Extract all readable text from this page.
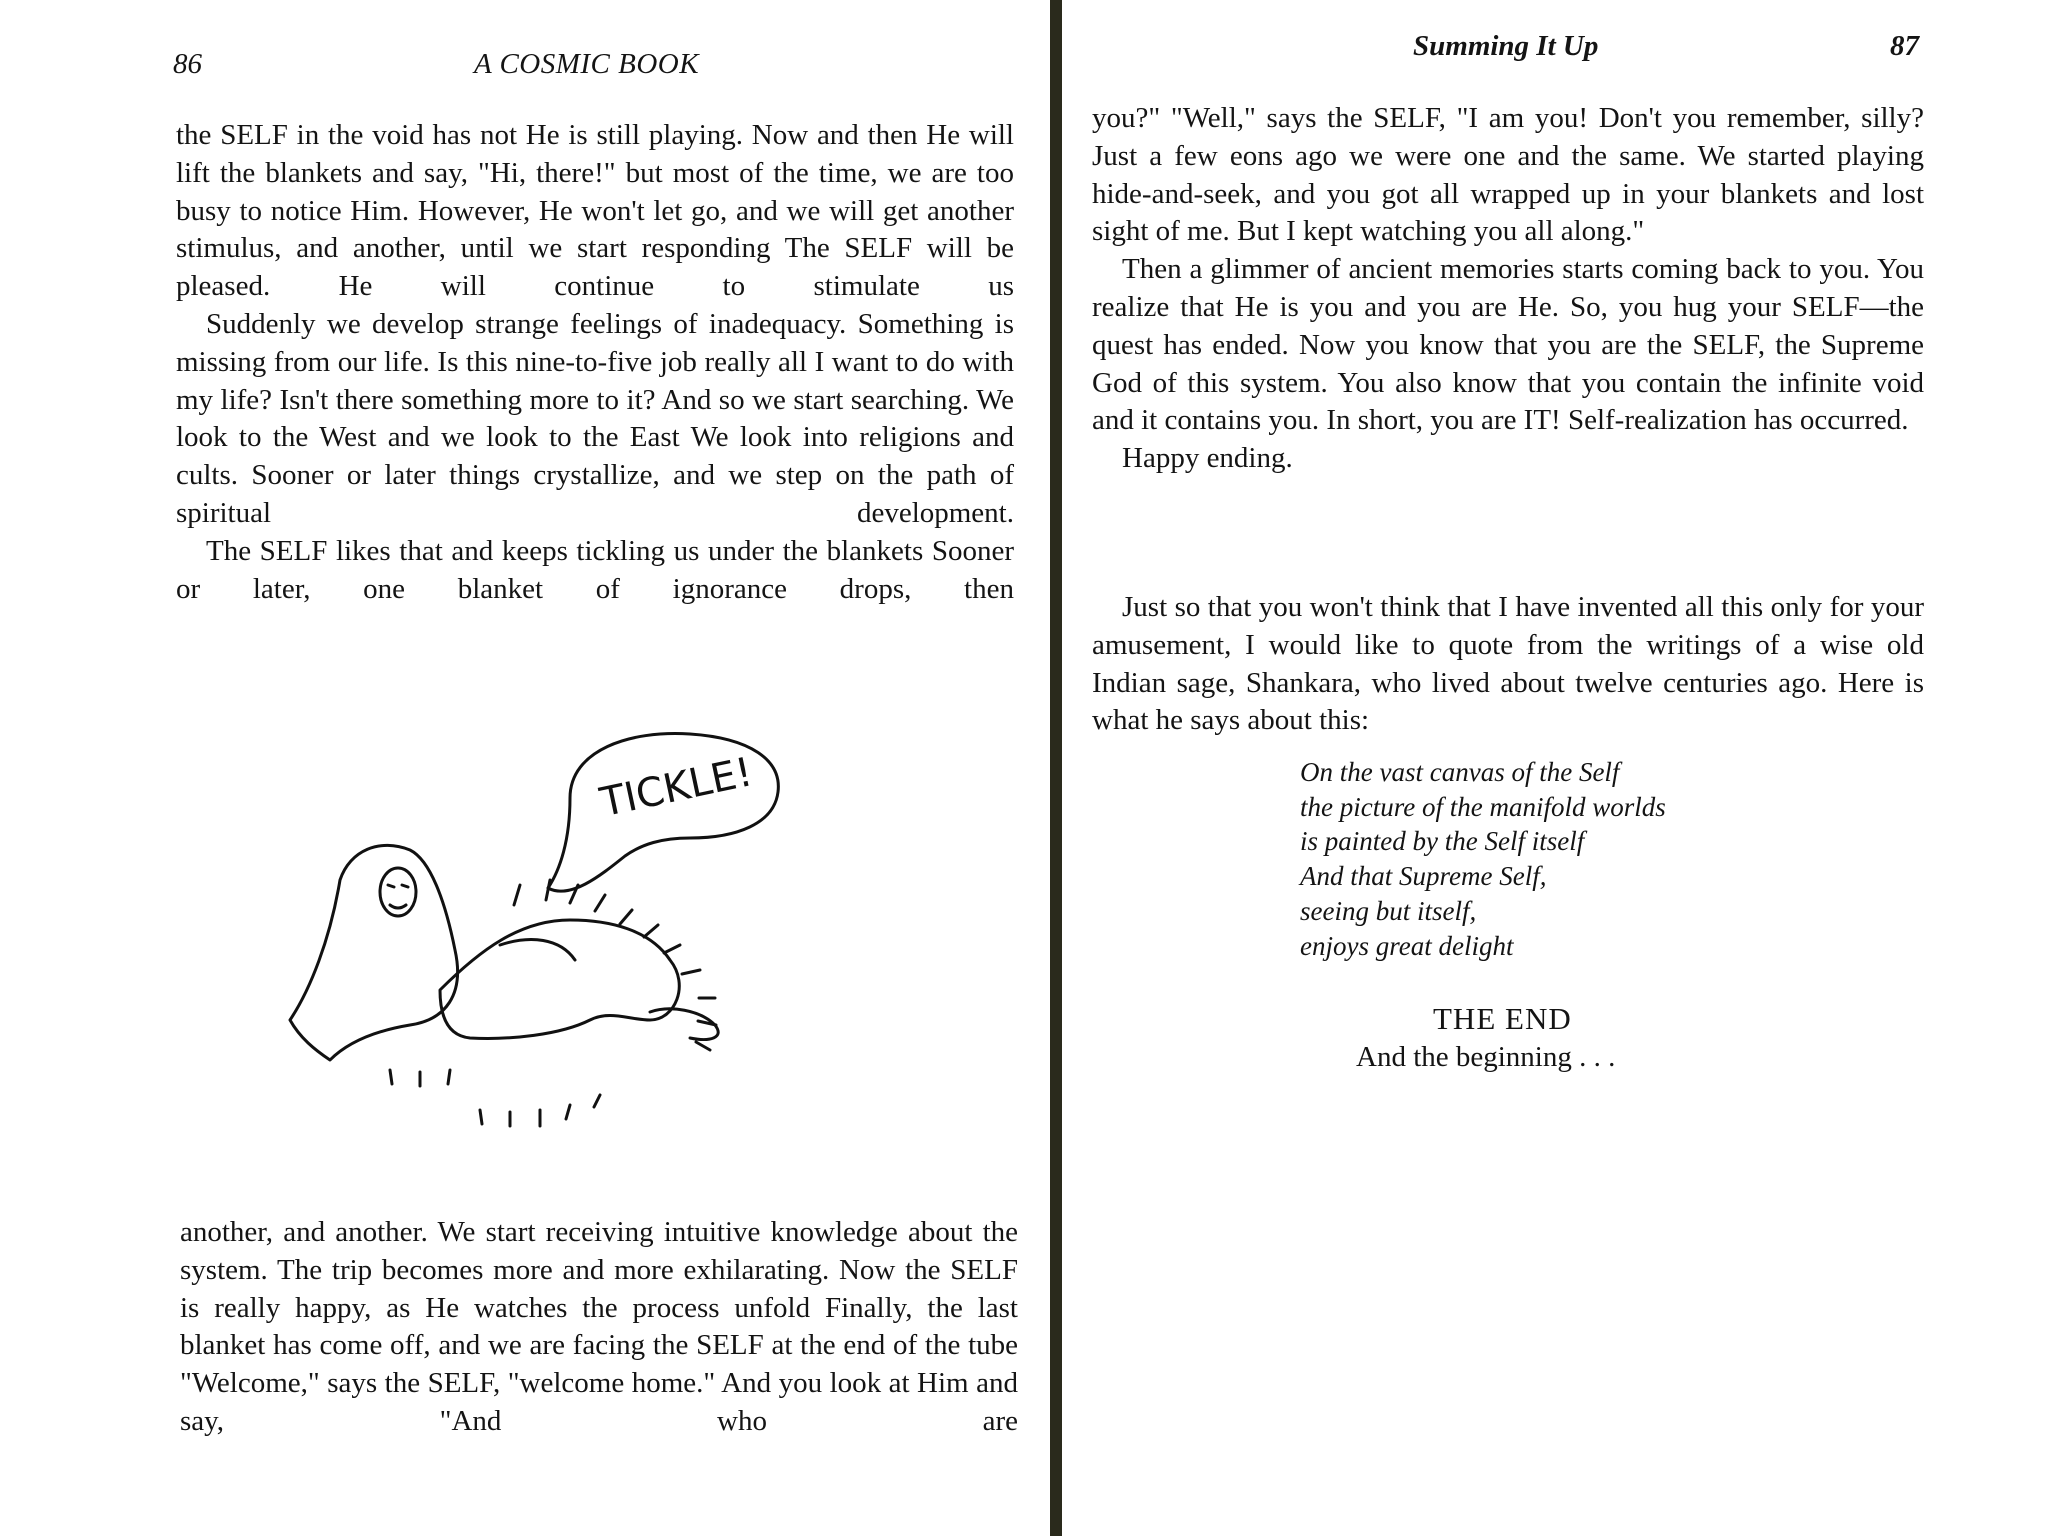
86	A COSMIC BOOK

the SELF in the void has not He is still playing. Now and then He will lift the blankets and say, "Hi, there!" but most of the time, we are too busy to notice Him. However, He won't let go, and we will get another stimulus, and another, until we start responding The SELF will be pleased. He will continue to stimulate us

Suddenly we develop strange feelings of inadequacy. Something is missing from our life. Is this nine-to-five job really all I want to do with my life? Isn't there something more to it? And so we start searching. We look to the West and we look to the East We look into religions and cults. Sooner or later things crystallize, and we step on the path of spiritual development.

The SELF likes that and keeps tickling us under the blankets Sooner or later, one blanket of ignorance drops, then

TICKLE!

another, and another. We start receiving intuitive knowledge about the system. The trip becomes more and more exhilarating. Now the SELF is really happy, as He watches the process unfold Finally, the last blanket has come off, and we are facing the SELF at the end of the tube "Welcome," says the SELF, "welcome home." And you look at Him and say, "And who are

Summing It Up	87

you?" "Well," says the SELF, "I am you! Don't you remember, silly? Just a few eons ago we were one and the same. We started playing hide-and-seek, and you got all wrapped up in your blankets and lost sight of me. But I kept watching you all along."

Then a glimmer of ancient memories starts coming back to you. You realize that He is you and you are He. So, you hug your SELF—the quest has ended. Now you know that you are the SELF, the Supreme God of this system. You also know that you contain the infinite void and it contains you. In short, you are IT! Self-realization has occurred.

Happy ending.

Just so that you won't think that I have invented all this only for your amusement, I would like to quote from the writings of a wise old Indian sage, Shankara, who lived about twelve centuries ago. Here is what he says about this:

On the vast canvas of the Self
the picture of the manifold worlds
is painted by the Self itself
And that Supreme Self,
seeing but itself,
enjoys great delight
THE END
And the beginning . . .
